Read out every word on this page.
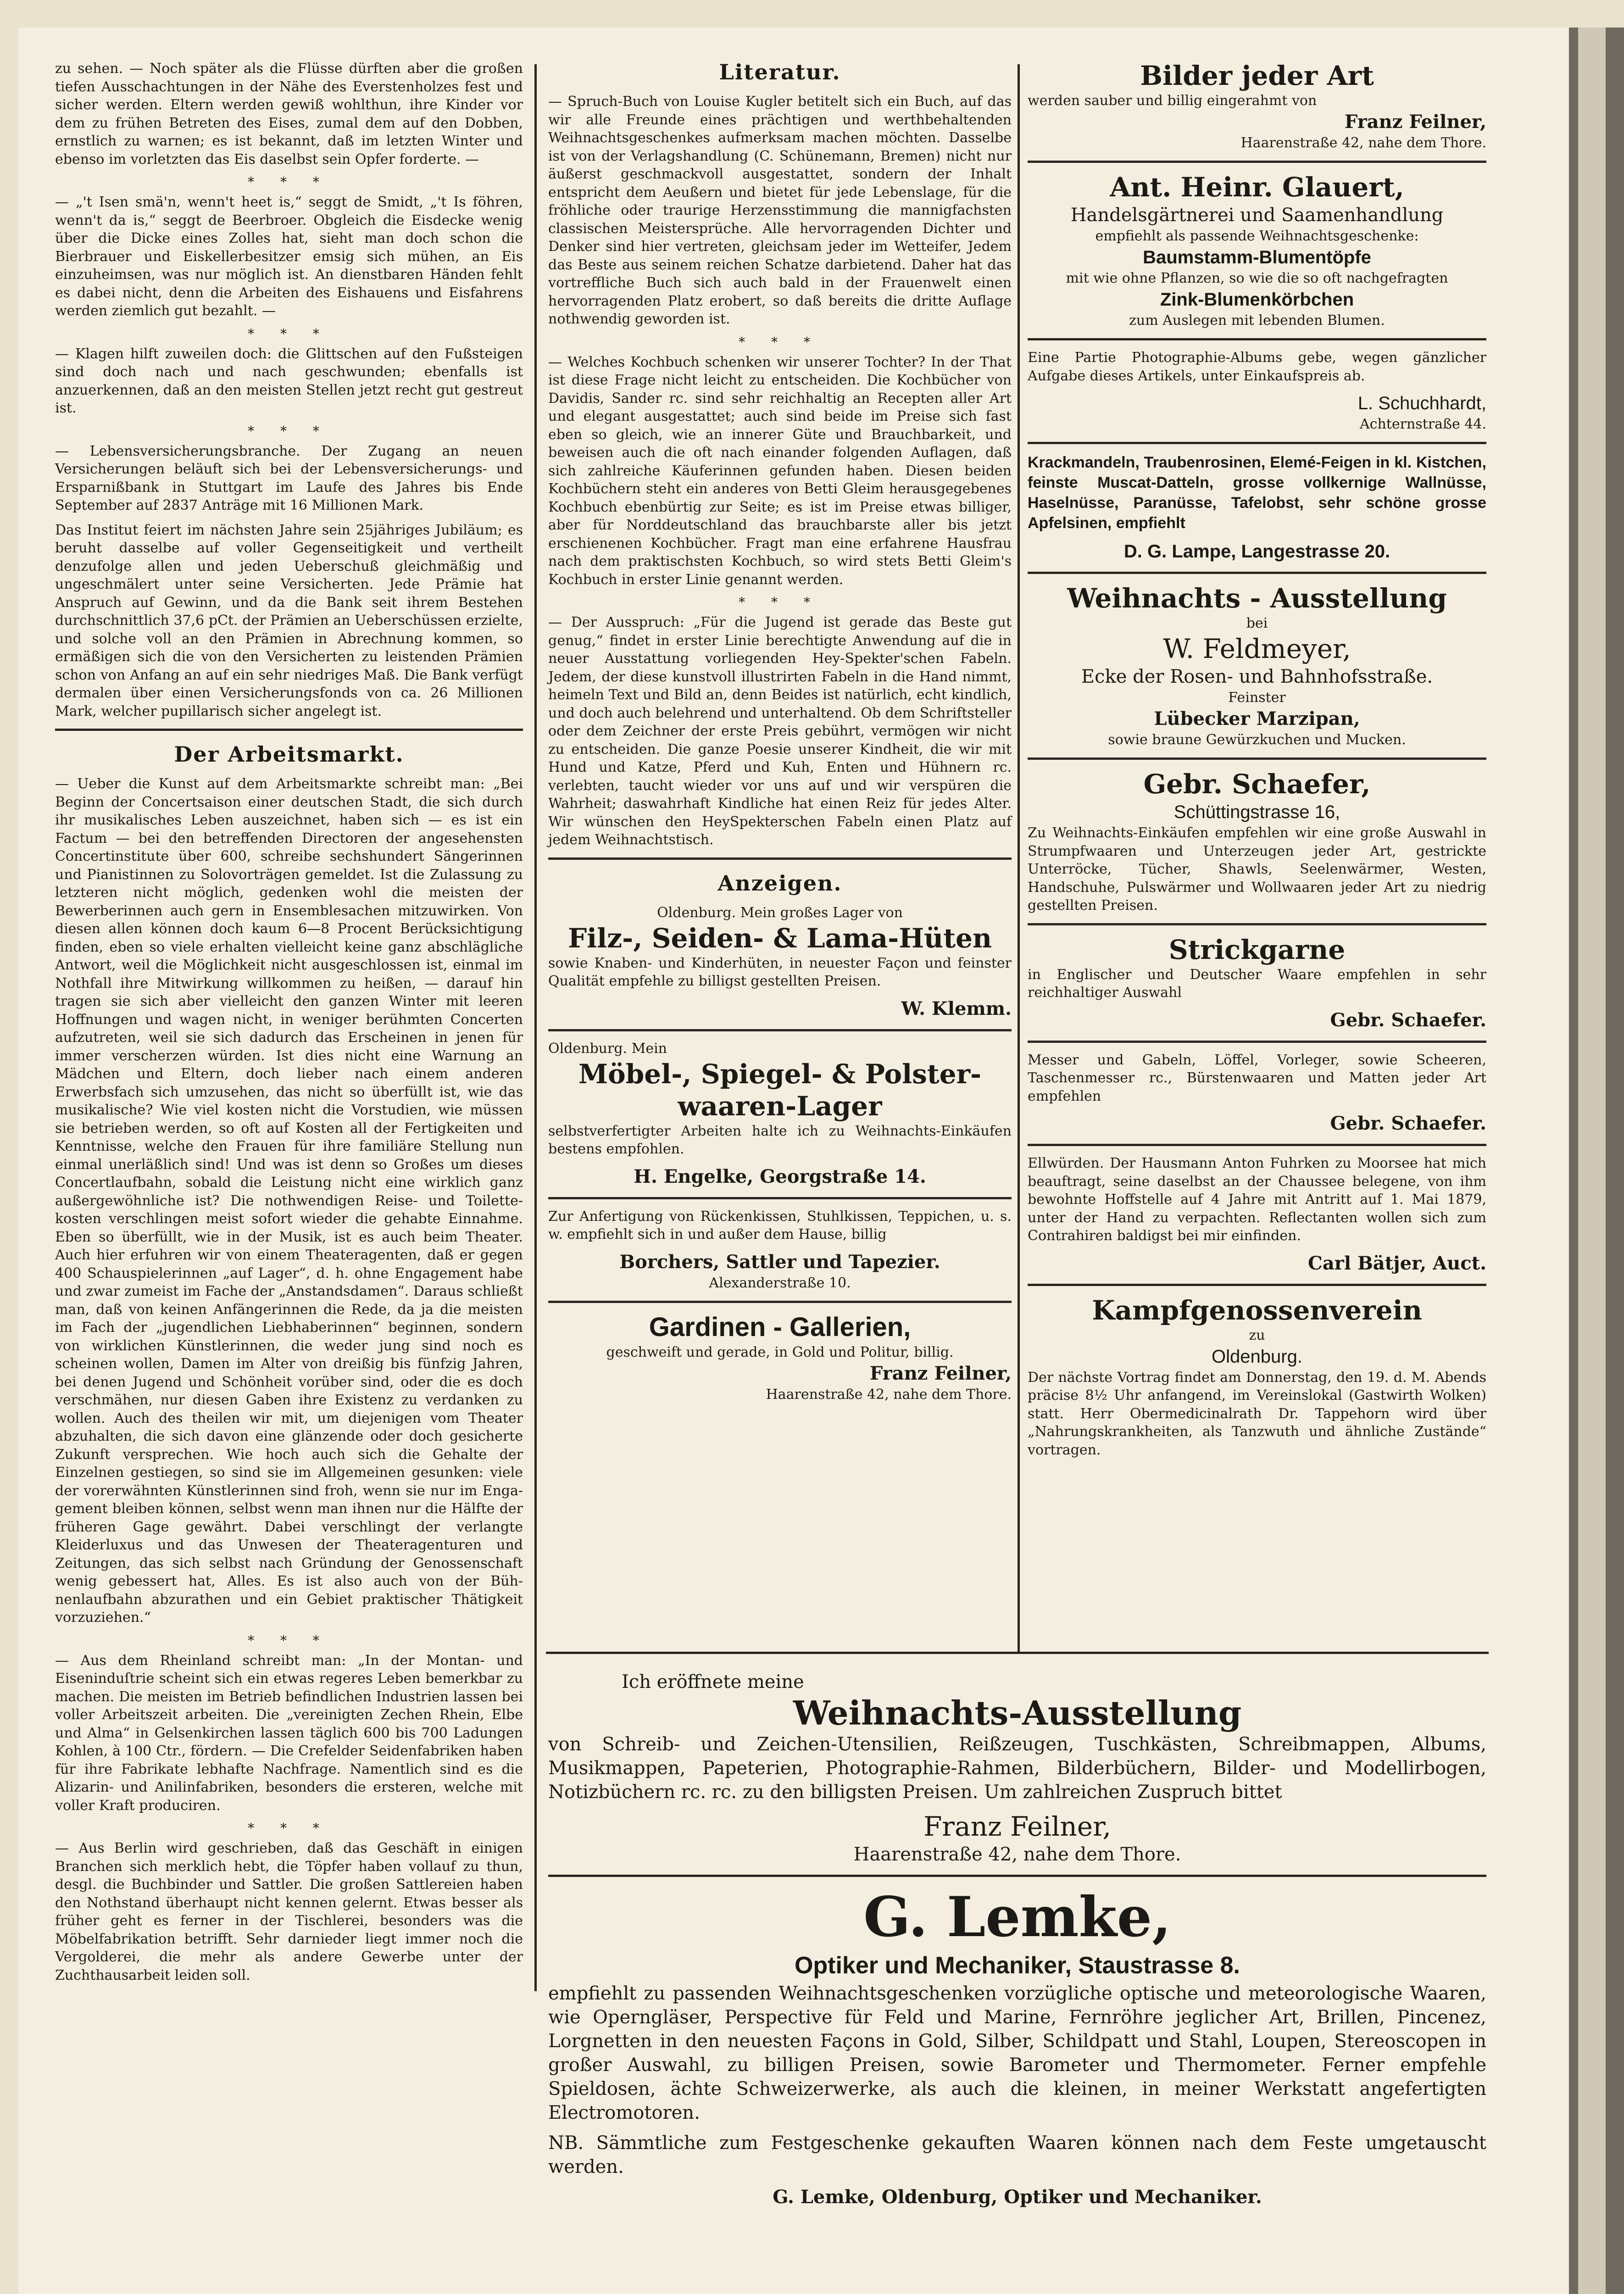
zu sehen. — Noch später als die Flüsse dürften aber die großen tiefen Ausschachtungen in der Nähe des Everstenholzes fest und sicher werden. Eltern werden gewiß wohlthun, ihre Kinder vor dem zu frühen Betreten des Eises, zumal dem auf den Dobben, ernstlich zu warnen; es ist bekannt, daß im letzten Winter und ebenso im vorletzten das Eis daselbst sein Opfer forderte. —

* * *

— „'t Isen smä'n, wenn't heet is,“ seggt de Smidt, „'t Is föhren, wenn't da is,“ seggt de Beerbroer. Obgleich die Eisdecke wenig über die Dicke eines Zolles hat, sieht man doch schon die Bierbrauer und Eiskellerbesitzer emsig sich mühen, an Eis einzuheimsen, was nur möglich ist. An dienstbaren Händen fehlt es dabei nicht, denn die Arbeiten des Eishauens und Eisfahrens werden ziemlich gut bezahlt. —

* * *

— Klagen hilft zuweilen doch: die Glittschen auf den Fußsteigen sind doch nach und nach geschwunden; ebenfalls ist anzuerkennen, daß an den meisten Stellen jetzt recht gut gestreut ist.

* * *

— Lebensversicherungsbranche. Der Zugang an neuen Versicherungen beläuft sich bei der Lebensversicherungs- und Ersparnißbank in Stuttgart im Laufe des Jahres bis Ende September auf 2837 Anträge mit 16 Millionen Mark.

Das Institut feiert im nächsten Jahre sein 25jähriges Jubiläum; es beruht dasselbe auf voller Gegenseitigkeit und vertheilt denzufolge allen und jeden Ueberschuß gleichmäßig und ungeschmälert unter seine Versicherten. Jede Prämie hat Anspruch auf Gewinn, und da die Bank seit ihrem Bestehen durchschnittlich 37,6 pCt. der Prämien an Ueberschüssen erzielte, und solche voll an den Prämien in Abrechnung kommen, so ermäßigen sich die von den Versicherten zu leistenden Prämien schon von Anfang an auf ein sehr niedriges Maß. Die Bank verfügt dermalen über einen Versicherungsfonds von ca. 26 Millionen Mark, welcher pupillarisch sicher angelegt ist.

Der Arbeitsmarkt.

— Ueber die Kunst auf dem Arbeitsmarkte schreibt man: „Bei Beginn der Concertsaison einer deutschen Stadt, die sich durch ihr musikalisches Leben auszeichnet, haben sich — es ist ein Factum — bei den betreffenden Directoren der angesehensten Concertinstitute über 600, schreibe sechshundert Sängerinnen und Pianistinnen zu Solovorträgen gemeldet. Ist die Zulassung zu letzteren nicht möglich, gedenken wohl die meisten der Bewerberinnen auch gern in Ensemblesachen mitzuwirken. Von diesen allen können doch kaum 6—8 Procent Berücksichtigung finden, eben so viele erhalten vielleicht keine ganz abschlägliche Antwort, weil die Möglichkeit nicht ausgeschlossen ist, einmal im Nothfall ihre Mitwirkung willkommen zu heißen, — darauf hin tragen sie sich aber vielleicht den ganzen Winter mit leeren Hoffnungen und wagen nicht, in weniger berühmten Concerten aufzutreten, weil sie sich dadurch das Erscheinen in jenen für immer verscherzen würden. Ist dies nicht eine Warnung an Mädchen und Eltern, doch lieber nach einem anderen Erwerbsfach sich umzusehen, das nicht so überfüllt ist, wie das musikalische? Wie viel kosten nicht die Vorstudien, wie müssen sie betrieben werden, so oft auf Kosten all der Fertigkeiten und Kenntnisse, welche den Frauen für ihre familiäre Stellung nun einmal unerläßlich sind! Und was ist denn so Großes um dieses Concertlaufbahn, sobald die Leistung nicht eine wirklich ganz außergewöhnliche ist? Die nothwendigen Reise- und Toilettekosten verschlingen meist sofort wieder die gehabte Einnahme. Eben so überfüllt, wie in der Musik, ist es auch beim Theater. Auch hier erfuhren wir von einem Theateragenten, daß er gegen 400 Schauspielerinnen „auf Lager“, d. h. ohne Engagement habe und zwar zumeist im Fache der „Anstandsdamen“. Daraus schließt man, daß von keinen Anfängerinnen die Rede, da ja die meisten im Fach der „jugendlichen Liebhaberinnen“ beginnen, sondern von wirklichen Künstlerinnen, die weder jung sind noch es scheinen wollen, Damen im Alter von dreißig bis fünfzig Jahren, bei denen Jugend und Schönheit vorüber sind, oder die es doch verschmähen, nur diesen Gaben ihre Existenz zu verdanken zu wollen. Auch des theilen wir mit, um diejenigen vom Theater abzuhalten, die sich davon eine glänzende oder doch gesicherte Zukunft versprechen. Wie hoch auch sich die Gehalte der Einzelnen gestiegen, so sind sie im Allgemeinen gesunken: viele der vorerwähnten Künstlerinnen sind froh, wenn sie nur im Engagement bleiben können, selbst wenn man ihnen nur die Hälfte der früheren Gage gewährt. Dabei verschlingt der verlangte Kleiderluxus und das Unwesen der Theateragenturen und Zeitungen, das sich selbst nach Gründung der Genossenschaft wenig gebessert hat, Alles. Es ist also auch von der Bühnenlaufbahn abzurathen und ein Gebiet praktischer Thätigkeit vorzuziehen.“

* * *

— Aus dem Rheinland schreibt man: „In der Montan- und Eiseninduſtrie scheint sich ein etwas regeres Leben bemerkbar zu machen. Die meisten im Betrieb befindlichen Industrien lassen bei voller Arbeitszeit arbeiten. Die „vereinigten Zechen Rhein, Elbe und Alma“ in Gelsenkirchen lassen täglich 600 bis 700 Ladungen Kohlen, à 100 Ctr., fördern. — Die Crefelder Seidenfabriken haben für ihre Fabrikate lebhafte Nachfrage. Namentlich sind es die Alizarin- und Anilinfabriken, besonders die ersteren, welche mit voller Kraft produciren.

* * *

— Aus Berlin wird geschrieben, daß das Geschäft in einigen Branchen sich merklich hebt, die Töpfer haben vollauf zu thun, desgl. die Buchbinder und Sattler. Die großen Sattlereien haben den Nothstand überhaupt nicht kennen gelernt. Etwas besser als früher geht es ferner in der Tischlerei, besonders was die Möbelfabrikation betrifft. Sehr darnieder liegt immer noch die Vergolderei, die mehr als andere Gewerbe unter der Zuchthausarbeit leiden soll.

Literatur.

— Spruch-Buch von Louise Kugler betitelt sich ein Buch, auf das wir alle Freunde eines prächtigen und werthbehaltenden Weihnachtsgeschenkes aufmerksam machen möchten. Dasselbe ist von der Verlagshandlung (C. Schünemann, Bremen) nicht nur äußerst geschmackvoll ausgestattet, sondern der Inhalt entspricht dem Aeußern und bietet für jede Lebenslage, für die fröhliche oder traurige Herzensstimmung die mannigfachsten classischen Meistersprüche. Alle hervorragenden Dichter und Denker sind hier vertreten, gleichsam jeder im Wetteifer, Jedem das Beste aus seinem reichen Schatze darbietend. Daher hat das vortreffliche Buch sich auch bald in der Frauenwelt einen hervorragenden Platz erobert, so daß bereits die dritte Auflage nothwendig geworden ist.

* * *

— Welches Kochbuch schenken wir unserer Tochter? In der That ist diese Frage nicht leicht zu entscheiden. Die Kochbücher von Davidis, Sander rc. sind sehr reichhaltig an Recepten aller Art und elegant ausgestattet; auch sind beide im Preise sich fast eben so gleich, wie an innerer Güte und Brauchbarkeit, und beweisen auch die oft nach einander folgenden Auflagen, daß sich zahlreiche Käuferinnen gefunden haben. Diesen beiden Kochbüchern steht ein anderes von Betti Gleim herausgegebenes Kochbuch ebenbürtig zur Seite; es ist im Preise etwas billiger, aber für Norddeutschland das brauchbarste aller bis jetzt erschienenen Kochbücher. Fragt man eine erfahrene Hausfrau nach dem praktischsten Kochbuch, so wird stets Betti Gleim's Kochbuch in erster Linie genannt werden.

* * *

— Der Ausspruch: „Für die Jugend ist gerade das Beste gut genug,“ findet in erster Linie berechtigte Anwendung auf die in neuer Ausstattung vorliegenden Hey-Spekter'schen Fabeln. Jedem, der diese kunstvoll illustrirten Fabeln in die Hand nimmt, heimeln Text und Bild an, denn Beides ist natürlich, echt kindlich, und doch auch belehrend und unterhaltend. Ob dem Schriftsteller oder dem Zeichner der erste Preis gebührt, vermögen wir nicht zu entscheiden. Die ganze Poesie unserer Kindheit, die wir mit Hund und Katze, Pferd und Kuh, Enten und Hühnern rc. verlebten, taucht wieder vor uns auf und wir verspüren die Wahrheit; daswahrhaft Kindliche hat einen Reiz für jedes Alter. Wir wünschen den HeySpekterschen Fabeln einen Platz auf jedem Weihnachtstisch.

Anzeigen.
Oldenburg. Mein großes Lager von
Filz-, Seiden- & Lama-Hüten

sowie Knaben- und Kinderhüten, in neuester Façon und feinster Qualität empfehle zu billigst gestellten Preisen.

W. Klemm.
Oldenburg. Mein
Möbel-, Spiegel- & Polster-
waaren-Lager

selbstverfertigter Arbeiten halte ich zu Weihnachts-Einkäufen bestens empfohlen.

H. Engelke, Georgstraße 14.

Zur Anfertigung von Rückenkissen, Stuhlkissen, Teppichen, u. s. w. empfiehlt sich in und außer dem Hause, billig

Borchers, Sattler und Tapezier.
Alexanderstraße 10.
Gardinen - Gallerien,
geschweift und gerade, in Gold und Politur, billig.
Franz Feilner,
Haarenstraße 42, nahe dem Thore.
Bilder jeder Art
werden sauber und billig eingerahmt von
Franz Feilner,
Haarenstraße 42, nahe dem Thore.
Ant. Heinr. Glauert,
Handelsgärtnerei und Saamenhandlung
empfiehlt als passende Weihnachtsgeschenke:
Baumstamm-Blumentöpfe
mit wie ohne Pflanzen, so wie die so oft nachgefragten
Zink-Blumenkörbchen
zum Auslegen mit lebenden Blumen.

Eine Partie Photographie-Albums gebe, wegen gänzlicher Aufgabe dieses Artikels, unter Einkaufspreis ab.

L. Schuchhardt,
Achternstraße 44.

Krackmandeln, Traubenrosinen, Elemé-Feigen in kl. Kistchen, feinste Muscat-Datteln, grosse vollkernige Wallnüsse, Haselnüsse, Paranüsse, Tafelobst, sehr schöne grosse Apfelsinen, empfiehlt

D. G. Lampe, Langestrasse 20.
Weihnachts - Ausstellung
bei
W. Feldmeyer,
Ecke der Rosen- und Bahnhofsstraße.
Feinster
Lübecker Marzipan,
sowie braune Gewürzkuchen und Mucken.
Gebr. Schaefer,
Schüttingstrasse 16,

Zu Weihnachts-Einkäufen empfehlen wir eine große Auswahl in Strumpfwaaren und Unterzeugen jeder Art, gestrickte Unterröcke, Tücher, Shawls, Seelenwärmer, Westen, Handschuhe, Pulswärmer und Wollwaaren jeder Art zu niedrig gestellten Preisen.

Strickgarne

in Englischer und Deutscher Waare empfehlen in sehr reichhaltiger Auswahl

Gebr. Schaefer.

Messer und Gabeln, Löffel, Vorleger, sowie Scheeren, Taschenmesser rc., Bürstenwaaren und Matten jeder Art empfehlen

Gebr. Schaefer.

Ellwürden. Der Hausmann Anton Fuhrken zu Moorsee hat mich beauftragt, seine daselbst an der Chaussee belegene, von ihm bewohnte Hoffstelle auf 4 Jahre mit Antritt auf 1. Mai 1879, unter der Hand zu verpachten. Reflectanten wollen sich zum Contrahiren baldigst bei mir einfinden.

Carl Bätjer, Auct.
Kampfgenossenverein
zu
Oldenburg.

Der nächste Vortrag findet am Donnerstag, den 19. d. M. Abends präcise 8½ Uhr anfangend, im Vereinslokal (Gastwirth Wolken) statt. Herr Obermedicinalrath Dr. Tappehorn wird über „Nahrungskrankheiten, als Tanzwuth und ähnliche Zustände“ vortragen.

Ich eröffnete meine
Weihnachts-Ausstellung

von Schreib- und Zeichen-Utensilien, Reißzeugen, Tuschkästen, Schreibmappen, Albums, Musikmappen, Papeterien, Photographie-Rahmen, Bilderbüchern, Bilder- und Modellirbogen, Notizbüchern rc. rc. zu den billigsten Preisen. Um zahlreichen Zuspruch bittet

Franz Feilner,
Haarenstraße 42, nahe dem Thore.
G. Lemke,
Optiker und Mechaniker, Staustrasse 8.

empfiehlt zu passenden Weihnachtsgeschenken vorzügliche optische und meteorologische Waaren, wie Operngläser, Perspective für Feld und Marine, Fernröhre jeglicher Art, Brillen, Pincenez, Lorgnetten in den neuesten Façons in Gold, Silber, Schildpatt und Stahl, Loupen, Stereoscopen in großer Auswahl, zu billigen Preisen, sowie Barometer und Thermometer. Ferner empfehle Spieldosen, ächte Schweizerwerke, als auch die kleinen, in meiner Werkstatt angefertigten Electromotoren.

NB. Sämmtliche zum Festgeschenke gekauften Waaren können nach dem Feste umgetauscht werden.

G. Lemke, Oldenburg, Optiker und Mechaniker.
